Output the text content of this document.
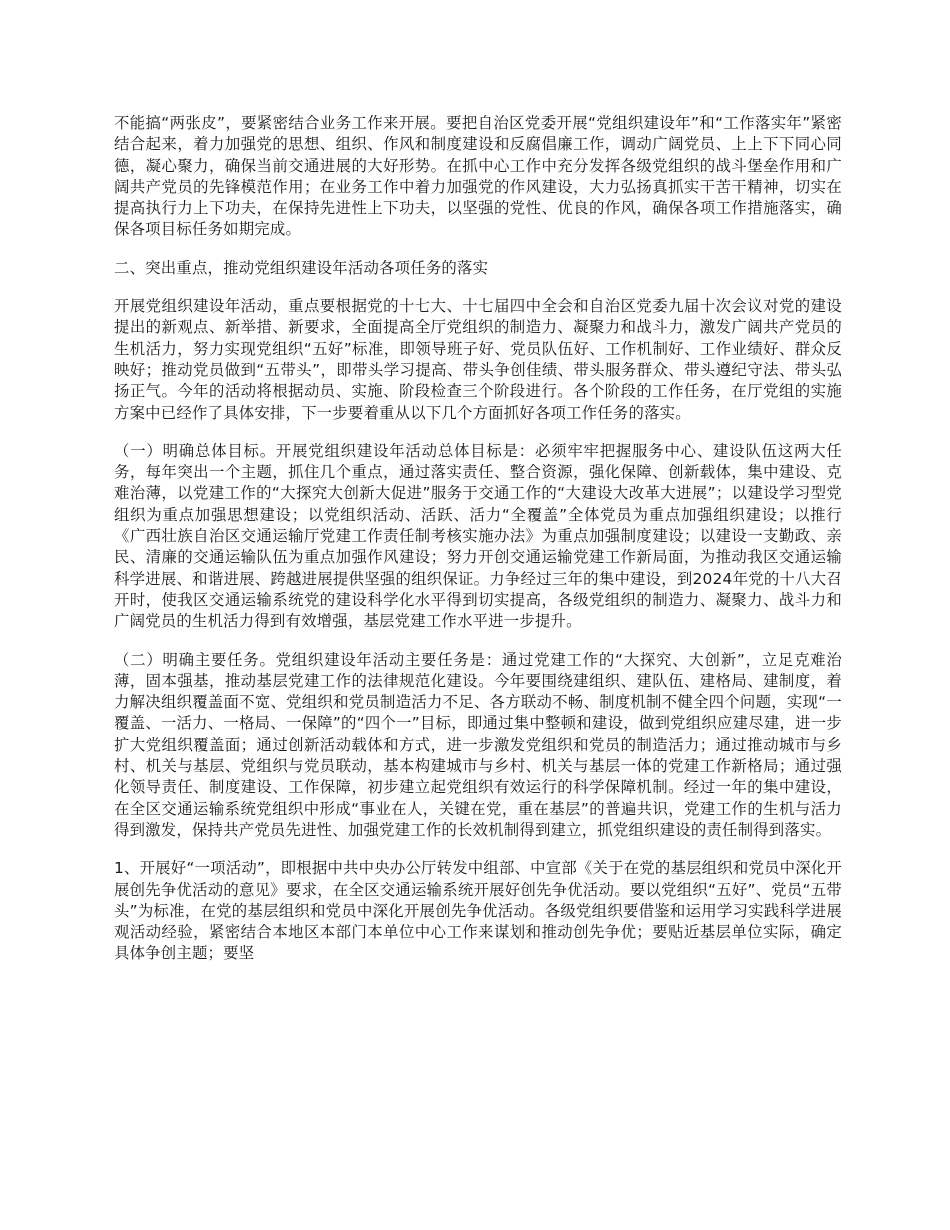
不能搞“两张皮”，要紧密结合业务工作来开展。要把自治区党委开展“党组织建设年”和“工作落实年”紧密结合起来，着力加强党的思想、组织、作风和制度建设和反腐倡廉工作，调动广阔党员、上上下下同心同德，凝心聚力，确保当前交通进展的大好形势。在抓中心工作中充分发挥各级党组织的战斗堡垒作用和广阔共产党员的先锋模范作用；在业务工作中着力加强党的作风建设，大力弘扬真抓实干苦干精神，切实在提高执行力上下功夫，在保持先进性上下功夫，以坚强的党性、优良的作风，确保各项工作措施落实，确保各项目标任务如期完成。

二、突出重点，推动党组织建设年活动各项任务的落实

开展党组织建设年活动，重点要根据党的十七大、十七届四中全会和自治区党委九届十次会议对党的建设提出的新观点、新举措、新要求，全面提高全厅党组织的制造力、凝聚力和战斗力，激发广阔共产党员的生机活力，努力实现党组织“五好”标准，即领导班子好、党员队伍好、工作机制好、工作业绩好、群众反映好；推动党员做到“五带头”，即带头学习提高、带头争创佳绩、带头服务群众、带头遵纪守法、带头弘扬正气。今年的活动将根据动员、实施、阶段检查三个阶段进行。各个阶段的工作任务，在厅党组的实施方案中已经作了具体安排，下一步要着重从以下几个方面抓好各项工作任务的落实。

（一）明确总体目标。开展党组织建设年活动总体目标是：必须牢牢把握服务中心、建设队伍这两大任务，每年突出一个主题，抓住几个重点，通过落实责任、整合资源，强化保障、创新载体，集中建设、克难治薄，以党建工作的“大探究大创新大促进”服务于交通工作的“大建设大改革大进展”；以建设学习型党组织为重点加强思想建设；以党组织活动、活跃、活力“全覆盖”全体党员为重点加强组织建设；以推行《广西壮族自治区交通运输厅党建工作责任制考核实施办法》为重点加强制度建设；以建设一支勤政、亲民、清廉的交通运输队伍为重点加强作风建设；努力开创交通运输党建工作新局面，为推动我区交通运输科学进展、和谐进展、跨越进展提供坚强的组织保证。力争经过三年的集中建设，到2024年党的十八大召开时，使我区交通运输系统党的建设科学化水平得到切实提高，各级党组织的制造力、凝聚力、战斗力和广阔党员的生机活力得到有效增强，基层党建工作水平进一步提升。

（二）明确主要任务。党组织建设年活动主要任务是：通过党建工作的“大探究、大创新”，立足克难治薄，固本强基，推动基层党建工作的法律规范化建设。今年要围绕建组织、建队伍、建格局、建制度，着力解决组织覆盖面不宽、党组织和党员制造活力不足、各方联动不畅、制度机制不健全四个问题，实现“一覆盖、一活力、一格局、一保障”的“四个一”目标，即通过集中整顿和建设，做到党组织应建尽建，进一步扩大党组织覆盖面；通过创新活动载体和方式，进一步激发党组织和党员的制造活力；通过推动城市与乡村、机关与基层、党组织与党员联动，基本构建城市与乡村、机关与基层一体的党建工作新格局；通过强化领导责任、制度建设、工作保障，初步建立起党组织有效运行的科学保障机制。经过一年的集中建设，在全区交通运输系统党组织中形成“事业在人，关键在党，重在基层”的普遍共识，党建工作的生机与活力得到激发，保持共产党员先进性、加强党建工作的长效机制得到建立，抓党组织建设的责任制得到落实。

1、开展好“一项活动”，即根据中共中央办公厅转发中组部、中宣部《关于在党的基层组织和党员中深化开展创先争优活动的意见》要求，在全区交通运输系统开展好创先争优活动。要以党组织“五好”、党员“五带头”为标准，在党的基层组织和党员中深化开展创先争优活动。各级党组织要借鉴和运用学习实践科学进展观活动经验，紧密结合本地区本部门本单位中心工作来谋划和推动创先争优；要贴近基层单位实际，确定具体争创主题；要坚
